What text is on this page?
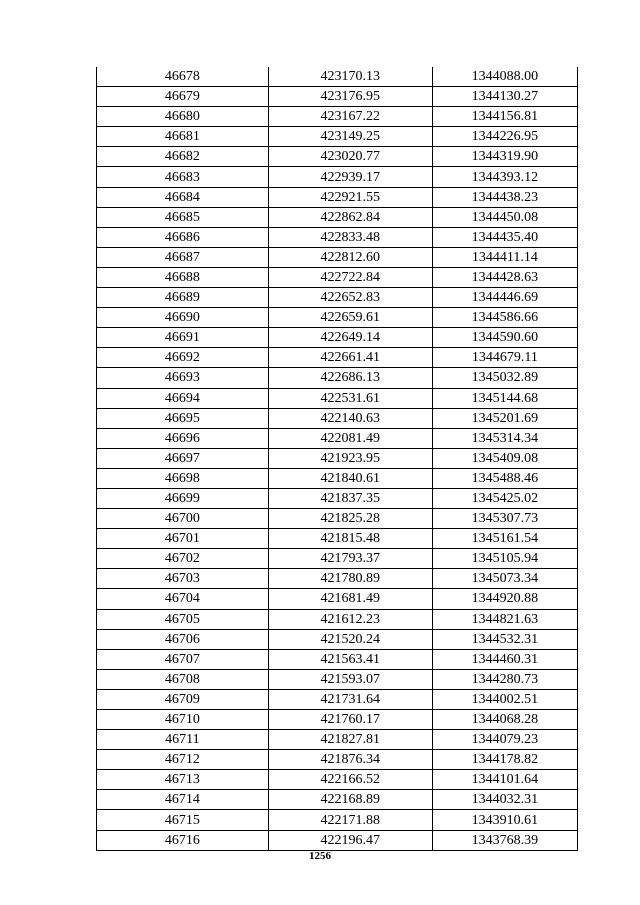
46678	423170.13	1344088.00
46679	423176.95	1344130.27
46680	423167.22	1344156.81
46681	423149.25	1344226.95
46682	423020.77	1344319.90
46683	422939.17	1344393.12
46684	422921.55	1344438.23
46685	422862.84	1344450.08
46686	422833.48	1344435.40
46687	422812.60	1344411.14
46688	422722.84	1344428.63
46689	422652.83	1344446.69
46690	422659.61	1344586.66
46691	422649.14	1344590.60
46692	422661.41	1344679.11
46693	422686.13	1345032.89
46694	422531.61	1345144.68
46695	422140.63	1345201.69
46696	422081.49	1345314.34
46697	421923.95	1345409.08
46698	421840.61	1345488.46
46699	421837.35	1345425.02
46700	421825.28	1345307.73
46701	421815.48	1345161.54
46702	421793.37	1345105.94
46703	421780.89	1345073.34
46704	421681.49	1344920.88
46705	421612.23	1344821.63
46706	421520.24	1344532.31
46707	421563.41	1344460.31
46708	421593.07	1344280.73
46709	421731.64	1344002.51
46710	421760.17	1344068.28
46711	421827.81	1344079.23
46712	421876.34	1344178.82
46713	422166.52	1344101.64
46714	422168.89	1344032.31
46715	422171.88	1343910.61
46716	422196.47	1343768.39
1256
